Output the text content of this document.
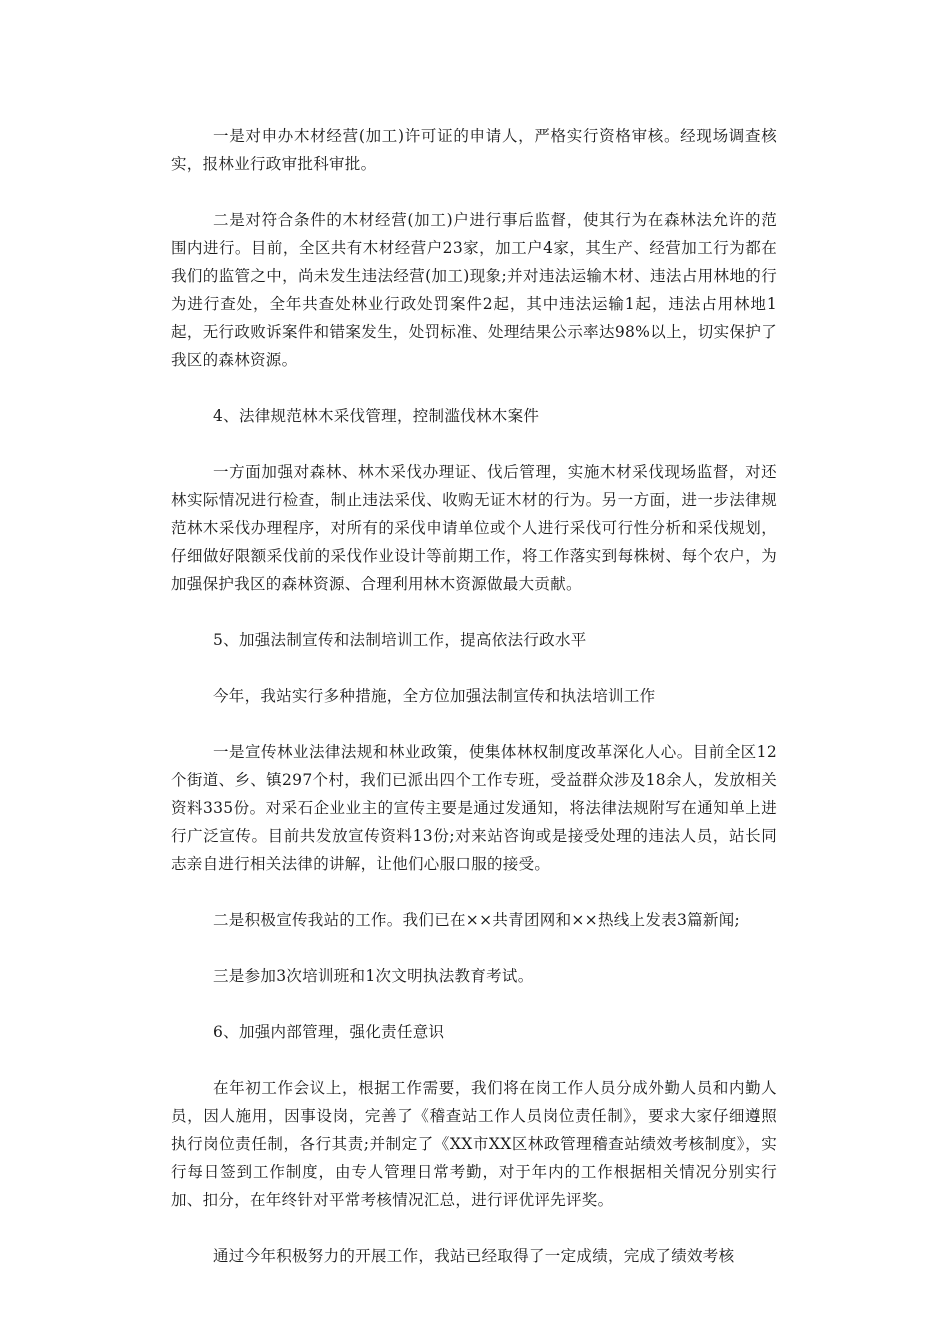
一是对申办木材经营(加工)许可证的申请人，严格实行资格审核。经现场调查核实，报林业行政审批科审批。

二是对符合条件的木材经营(加工)户进行事后监督，使其行为在森林法允许的范围内进行。目前，全区共有木材经营户23家，加工户4家，其生产、经营加工行为都在我们的监管之中，尚未发生违法经营(加工)现象;并对违法运输木材、违法占用林地的行为进行查处，全年共查处林业行政处罚案件2起，其中违法运输1起，违法占用林地1起，无行政败诉案件和错案发生，处罚标准、处理结果公示率达98%以上，切实保护了我区的森林资源。

4、法律规范林木采伐管理，控制滥伐林木案件

一方面加强对森林、林木采伐办理证、伐后管理，实施木材采伐现场监督，对还林实际情况进行检查，制止违法采伐、收购无证木材的行为。另一方面，进一步法律规范林木采伐办理程序，对所有的采伐申请单位或个人进行采伐可行性分析和采伐规划，仔细做好限额采伐前的采伐作业设计等前期工作，将工作落实到每株树、每个农户，为加强保护我区的森林资源、合理利用林木资源做最大贡献。

5、加强法制宣传和法制培训工作，提高依法行政水平

今年，我站实行多种措施，全方位加强法制宣传和执法培训工作

一是宣传林业法律法规和林业政策，使集体林权制度改革深化人心。目前全区12个街道、乡、镇297个村，我们已派出四个工作专班，受益群众涉及18余人，发放相关资料335份。对采石企业业主的宣传主要是通过发通知，将法律法规附写在通知单上进行广泛宣传。目前共发放宣传资料13份;对来站咨询或是接受处理的违法人员，站长同志亲自进行相关法律的讲解，让他们心服口服的接受。

二是积极宣传我站的工作。我们已在××共青团网和××热线上发表3篇新闻;

三是参加3次培训班和1次文明执法教育考试。

6、加强内部管理，强化责任意识

在年初工作会议上，根据工作需要，我们将在岗工作人员分成外勤人员和内勤人员，因人施用，因事设岗，完善了《稽查站工作人员岗位责任制》，要求大家仔细遵照执行岗位责任制，各行其责;并制定了《XX市XX区林政管理稽查站绩效考核制度》，实行每日签到工作制度，由专人管理日常考勤，对于年内的工作根据相关情况分别实行加、扣分，在年终针对平常考核情况汇总，进行评优评先评奖。

通过今年积极努力的开展工作，我站已经取得了一定成绩，完成了绩效考核
